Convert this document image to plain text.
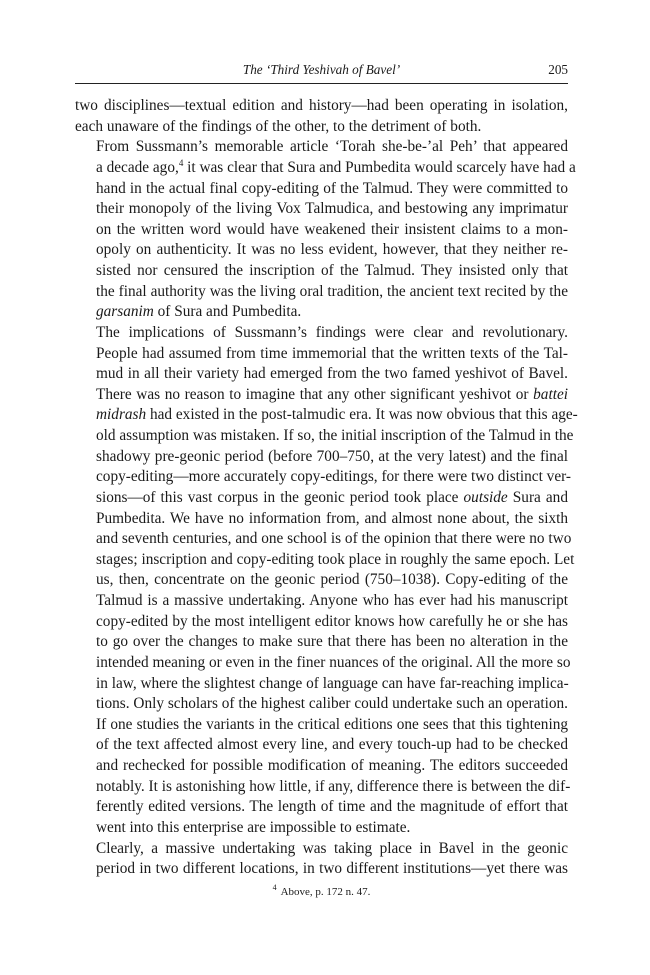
The ‘Third Yeshivah of Bavel’	205

two disciplines—textual edition and history—had been operating in isolation,
each unaware of the findings of the other, to the detriment of both.

From Sussmann’s memorable article ‘Torah she-be-’al Peh’ that appeared
a decade ago,$^4$ it was clear that Sura and Pumbedita would scarcely have had a
hand in the actual final copy-editing of the Talmud. They were committed to
their monopoly of the living Vox Talmudica, and bestowing any imprimatur
on the written word would have weakened their insistent claims to a mon-
opoly on authenticity. It was no less evident, however, that they neither re-
sisted nor censured the inscription of the Talmud. They insisted only that
the final authority was the living oral tradition, the ancient text recited by the
garsanim of Sura and Pumbedita.

The implications of Sussmann’s findings were clear and revolutionary.
People had assumed from time immemorial that the written texts of the Tal-
mud in all their variety had emerged from the two famed yeshivot of Bavel.
There was no reason to imagine that any other significant yeshivot or battei
midrash had existed in the post-talmudic era. It was now obvious that this age-
old assumption was mistaken. If so, the initial inscription of the Talmud in the
shadowy pre-geonic period (before 700–750, at the very latest) and the final
copy-editing—more accurately copy-editings, for there were two distinct ver-
sions—of this vast corpus in the geonic period took place outside Sura and
Pumbedita. We have no information from, and almost none about, the sixth
and seventh centuries, and one school is of the opinion that there were no two
stages; inscription and copy-editing took place in roughly the same epoch. Let
us, then, concentrate on the geonic period (750–1038). Copy-editing of the
Talmud is a massive undertaking. Anyone who has ever had his manuscript
copy-edited by the most intelligent editor knows how carefully he or she has
to go over the changes to make sure that there has been no alteration in the
intended meaning or even in the finer nuances of the original. All the more so
in law, where the slightest change of language can have far-reaching implica-
tions. Only scholars of the highest caliber could undertake such an operation.
If one studies the variants in the critical editions one sees that this tightening
of the text affected almost every line, and every touch-up had to be checked
and rechecked for possible modification of meaning. The editors succeeded
notably. It is astonishing how little, if any, difference there is between the dif-
ferently edited versions. The length of time and the magnitude of effort that
went into this enterprise are impossible to estimate.

Clearly, a massive undertaking was taking place in Bavel in the geonic
period in two different locations, in two different institutions—yet there was

$^4$ Above, p. 172 n. 47.
